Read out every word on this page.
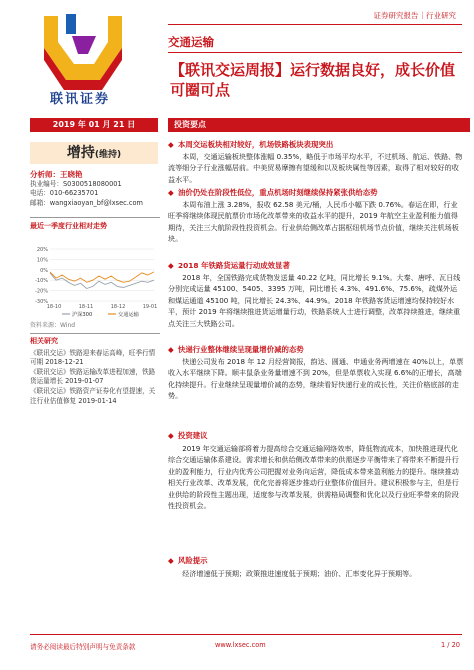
证券研究报告｜行业研究
联讯证券
交通运输
【联讯交运周报】运行数据良好，成长价值可圈可点
2019 年 01 月 21 日	投资要点
增持(维持)
分析师：王晓艳
执业编号：S0300518080001
电话：010-66235701
邮箱：wangxiaoyan_bf@lxsec.com
最近一季度行业相对走势
20%
10%
0%
-10%
-20%
-30%
18-10	18-11	18-12	19-01
沪深300	交通运输
资料来源：Wind
相关研究
《联讯交运》铁路迎来春运高峰，旺季行情可期 2018-12-21
《联讯交运》铁路运输改革进程加速，铁路货运量增长 2019-01-07
《联讯交运》铁路资产证券化有望提速，关注行业估值修复 2019-01-14
◆ 本周交运板块相对较好，机场铁路板块表现突出

本周，交通运输板块整体涨幅 0.35%，略低于市场平均水平，不过机场、航运、铁路、物流等细分子行业涨幅居前。中美贸易摩擦有望缓和以及板块属性等因素，取得了相对较好的收益水平。

◆ 油价仍处在阶段性低位，重点机场时刻继续保持紧张供给态势

本周布油上涨 3.28%，报收 62.58 美元/桶，人民币小幅下跌 0.76%。春运在即，行业旺季将继续体现民航票价市场化改革带来的收益水平的提升，2019 年航空主业盈利能力值得期待，关注三大航阶段性投资机会。行业供给侧改革占据枢纽机场节点价值，继续关注机场板块。

◆ 2018 年铁路货运量行动成效显著

2018 年，全国铁路完成货物发送量 40.22 亿吨，同比增长 9.1%。大秦、唐呼、瓦日线分别完成运量 45100、5405、3395 万吨，同比增长 4.3%、491.6%、75.6%，疏煤外运和煤运通道 45100 吨，同比增长 24.3%、44.9%。2018 年铁路客货运增速均保持较好水平，预计 2019 年将继续推进货运增量行动，铁路系统人士进行调整，改革持续推进，继续重点关注三大铁路公司。

◆ 快递行业整体继续呈现量增价减的态势

快递公司发布 2018 年 12 月经营简报，韵达、圆通、申通业务两增速在 40%以上，单票收入水平继续下降。顺丰鼠条业务量增速不到 20%，但是单票收入实现 6.6%的正增长，高端化持续提升。行业继续呈现量增价减的态势，继续看好快递行业的成长性，关注价格底部的走势。

◆ 投资建议

2019 年交通运输部将着力提高综合交通运输网络效率，降低物流成本，加快推进现代化综合交通运输体系建设。需求增长和供给侧改革带来的供需逐步平衡带来了将带来不断提升行业的盈利能力，行业内优秀公司把握对业务向运营，降低成本带来盈利能力的提升。继续推动相关行业改革、改革发展，优化完善将逐步推动行业整体价值回升。建议积极参与主，但是行业供给的阶段性主题出现，适度参与改革发展，供需格局调整和优化以及行业旺季带来的阶段性投资机会。

◆ 风险提示

经济增速低于预期；政策推进速度低于预期；油价、汇率变化异于预期等。

请务必阅读最后特别声明与免责条款	www.lxsec.com	1 / 20
